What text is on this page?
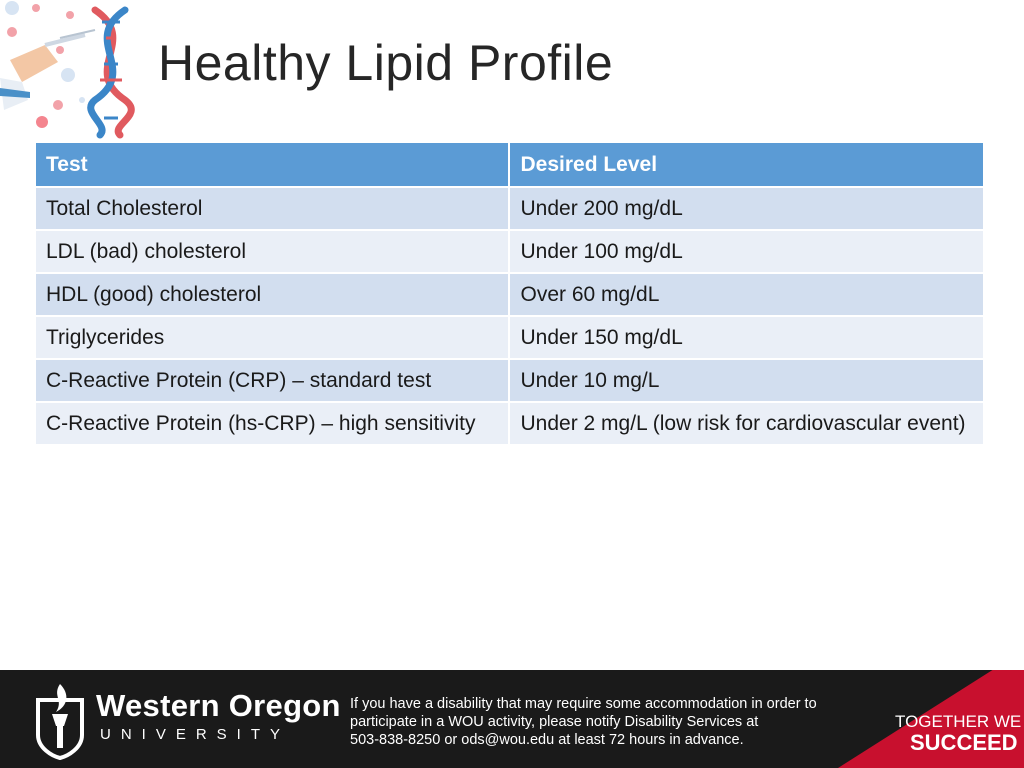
Healthy Lipid Profile
Test	Desired Level
Total Cholesterol	Under 200 mg/dL
LDL (bad) cholesterol	Under 100 mg/dL
HDL (good) cholesterol	Over 60 mg/dL
Triglycerides	Under 150 mg/dL
C-Reactive Protein (CRP) – standard test	Under 10 mg/L
C-Reactive Protein (hs-CRP) – high sensitivity	Under 2 mg/L (low risk for cardiovascular event)
Western Oregon
UNIVERSITY
If you have a disability that may require some accommodation in order to
participate in a WOU activity, please notify Disability Services at
503-838-8250 or ods@wou.edu at least 72 hours in advance.
TOGETHER WE
SUCCEED
